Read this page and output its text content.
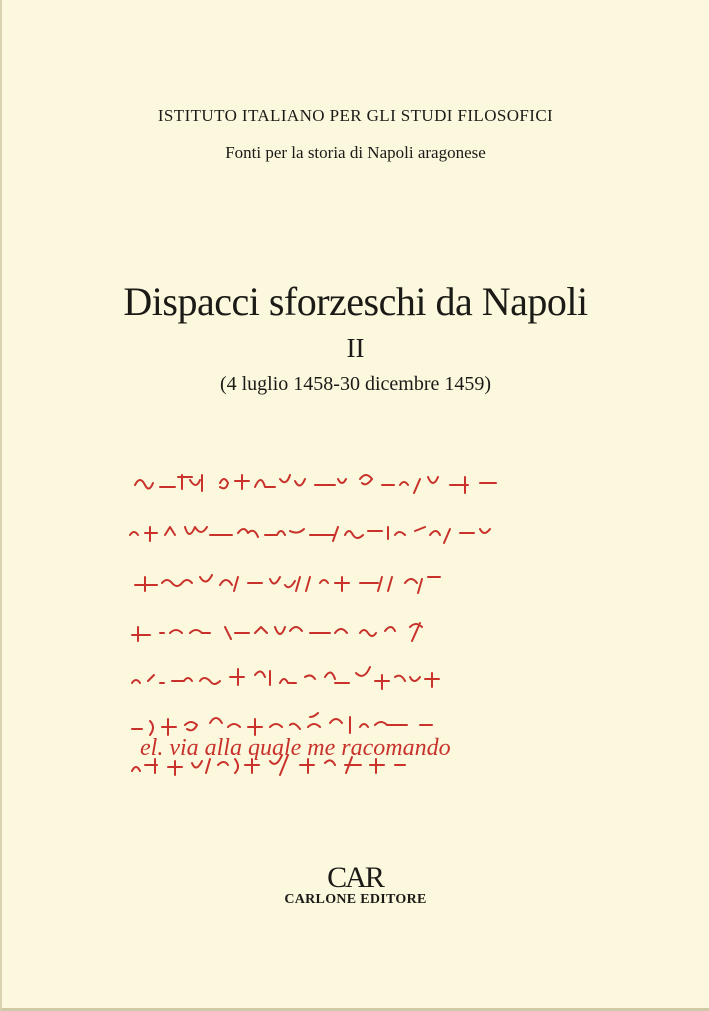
ISTITUTO ITALIANO PER GLI STUDI FILOSOFICI
Fonti per la storia di Napoli aragonese
Dispacci sforzeschi da Napoli
II
(4 luglio 1458-30 dicembre 1459)
el. via alla quale me racomando
CAR
CARLONE EDITORE
